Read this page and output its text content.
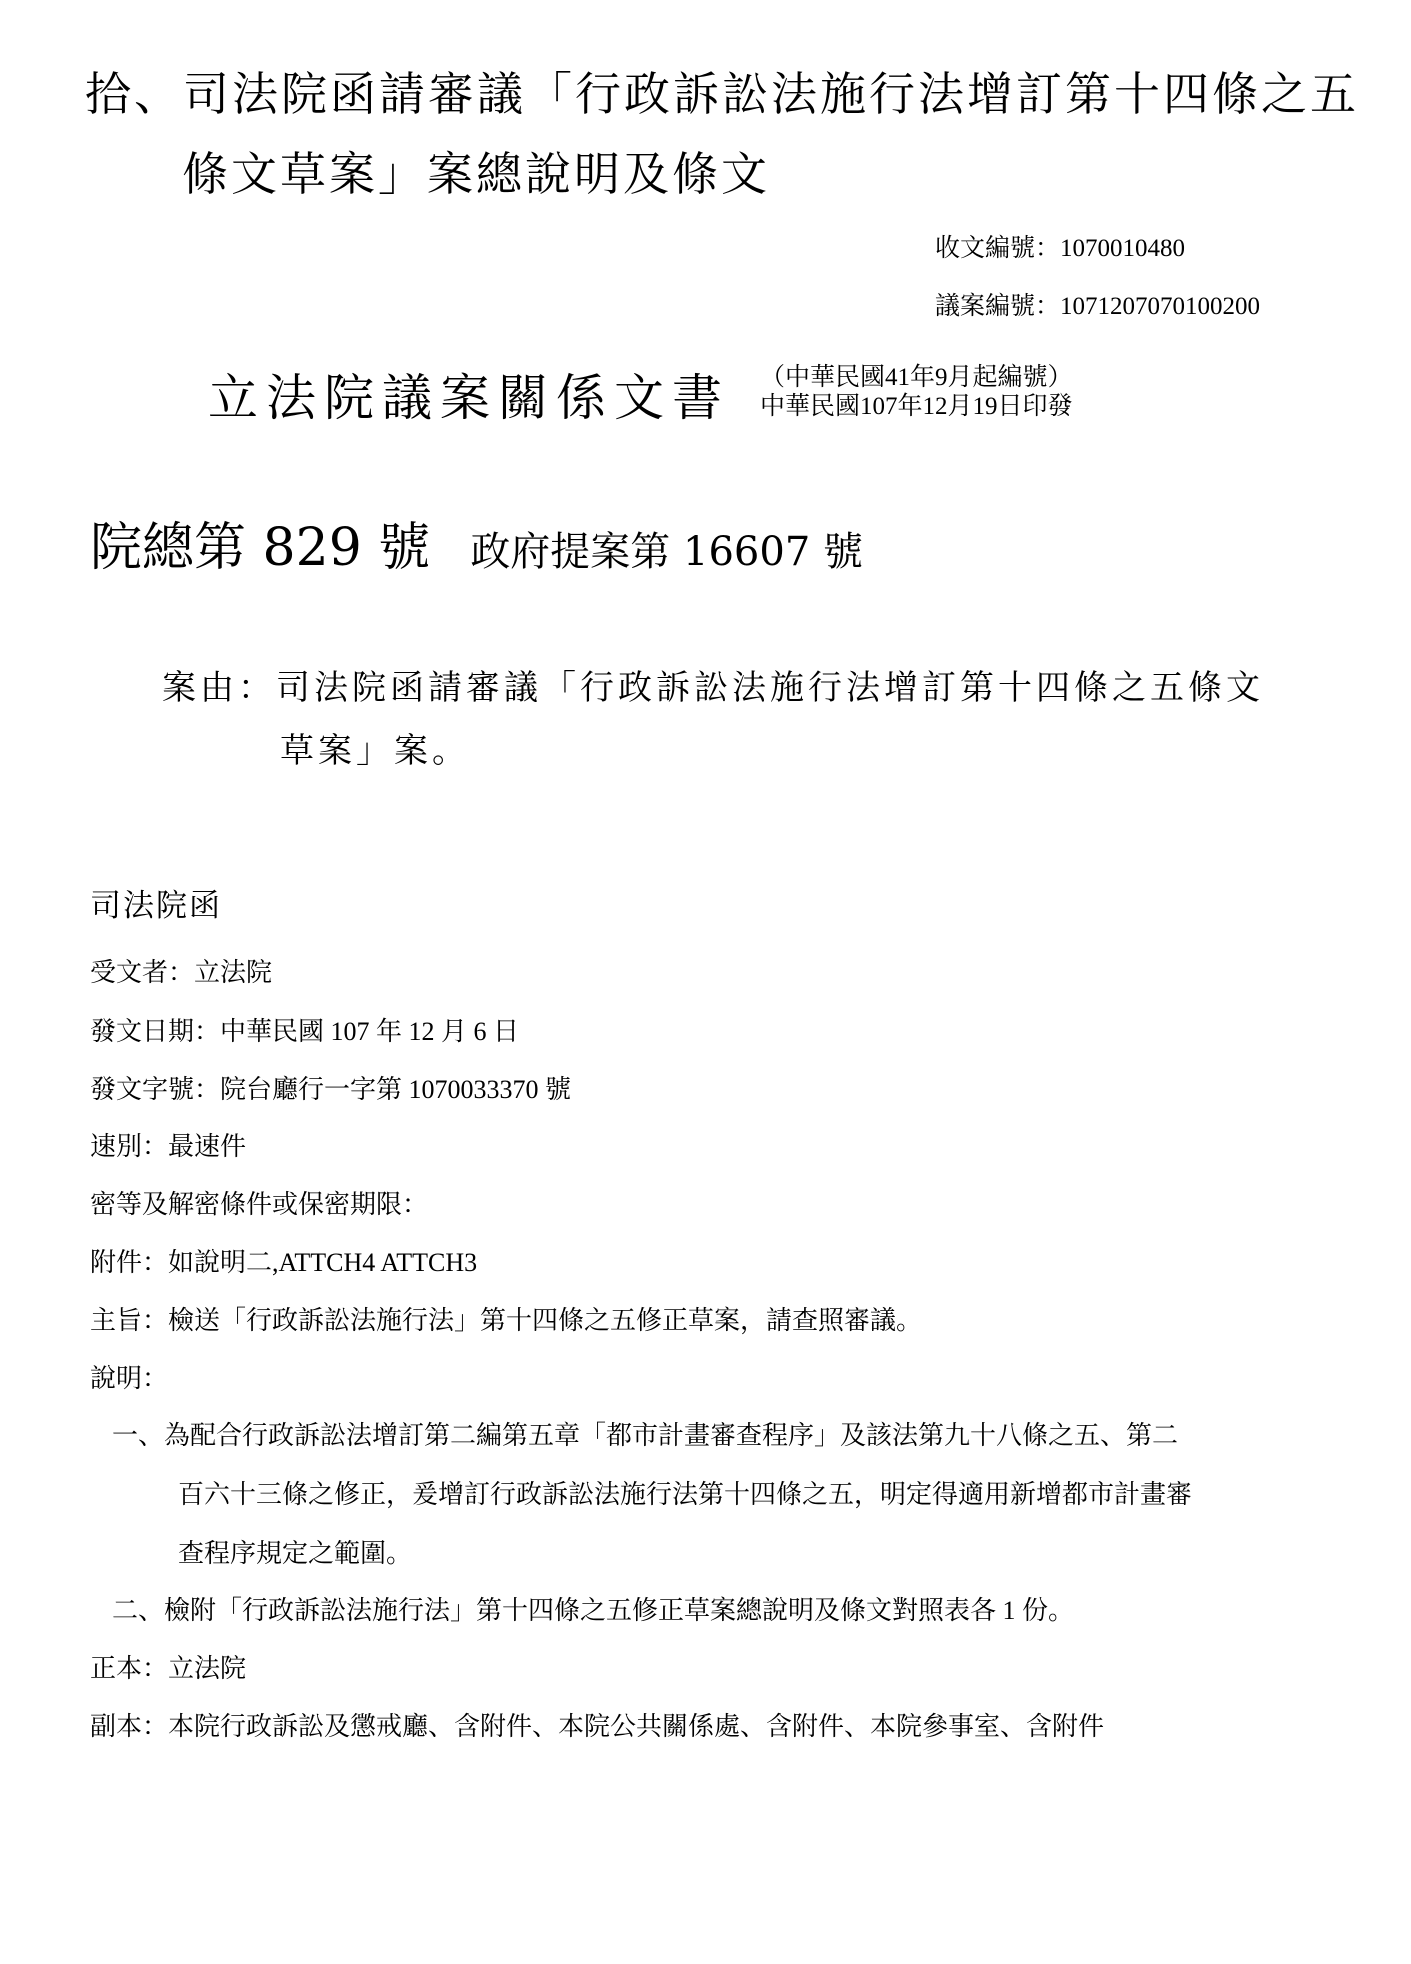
拾、司法院函請審議「行政訴訟法施行法增訂第十四條之五
條文草案」案總說明及條文
收文編號：1070010480
議案編號：1071207070100200
立法院議案關係文書 （中華民國41年9月起編號）
中華民國107年12月19日印發
院總第 829 號 政府提案第 16607 號
案由：司法院函請審議「行政訴訟法施行法增訂第十四條之五條文
草案」案。
司法院函
受文者：立法院
發文日期：中華民國 107 年 12 月 6 日
發文字號：院台廳行一字第 1070033370 號
速別：最速件
密等及解密條件或保密期限：
附件：如說明二,ATTCH4 ATTCH3
主旨：檢送「行政訴訟法施行法」第十四條之五修正草案，請查照審議。
說明：
一、為配合行政訴訟法增訂第二編第五章「都市計畫審查程序」及該法第九十八條之五、第二
百六十三條之修正，爰增訂行政訴訟法施行法第十四條之五，明定得適用新增都市計畫審
查程序規定之範圍。
二、檢附「行政訴訟法施行法」第十四條之五修正草案總說明及條文對照表各 1 份。
正本：立法院
副本：本院行政訴訟及懲戒廳、含附件、本院公共關係處、含附件、本院參事室、含附件
